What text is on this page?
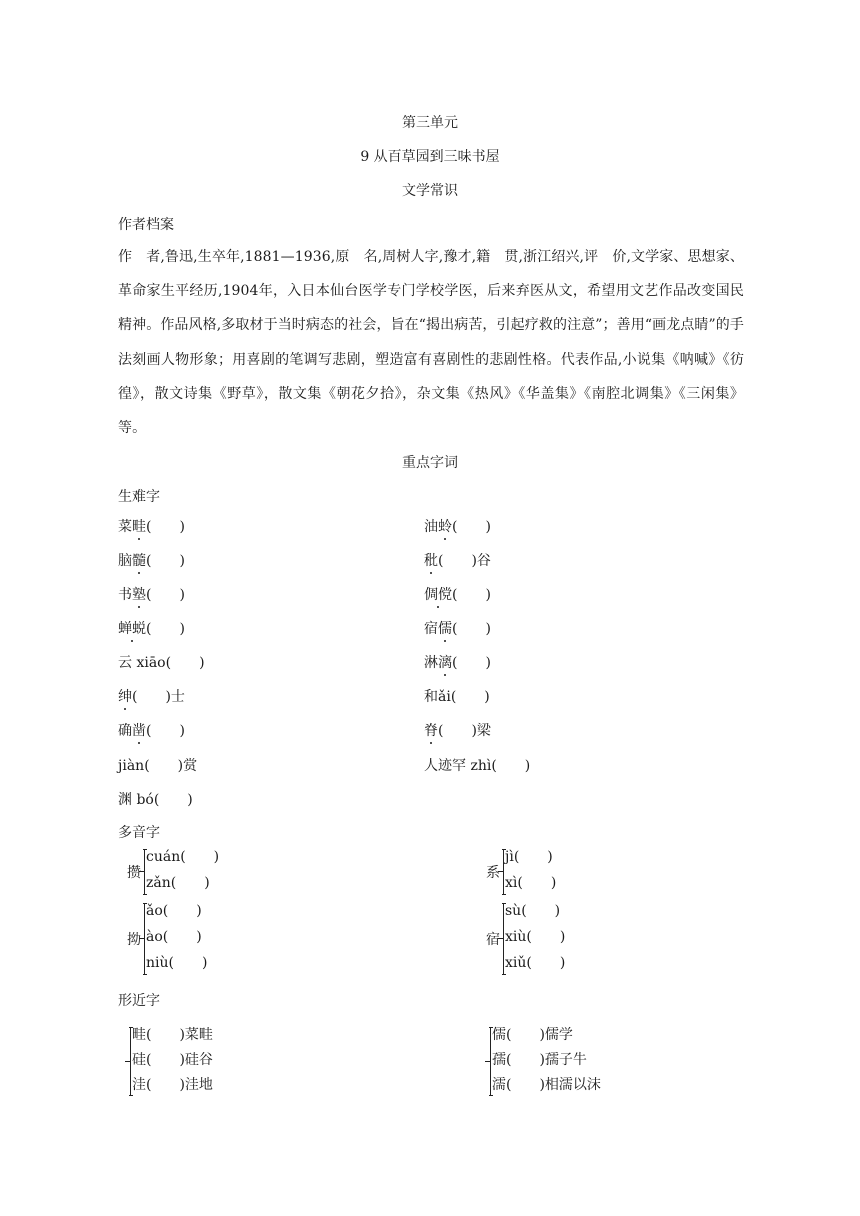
第三单元
9 从百草园到三味书屋
文学常识
作者档案

作　者,鲁迅,生卒年,1881—1936,原　名,周树人字,豫才,籍　贯,浙江绍兴,评　价,文学家、思想家、革命家生平经历,1904年，入日本仙台医学专门学校学医，后来弃医从文，希望用文艺作品改变国民精神。作品风格,多取材于当时病态的社会，旨在“揭出病苦，引起疗救的注意”；善用“画龙点睛”的手法刻画人物形象；用喜剧的笔调写悲剧，塑造富有喜剧性的悲剧性格。代表作品,小说集《呐喊》《彷徨》，散文诗集《野草》，散文集《朝花夕拾》，杂文集《热风》《华盖集》《南腔北调集》《三闲集》等。

重点字词
生难字
菜畦(　　)	油蛉(　　)
脑髓(　　)	秕(　　)谷
书塾(　　)	倜傥(　　)
蝉蜕(　　)	宿儒(　　)
云 xiāo(　　)	淋漓(　　)
绅(　　)士	和ǎi(　　)
确凿(　　)	脊(　　)梁
jiàn(　　)赏	人迹罕 zhì(　　)
渊 bó(　　)
多音字
攒
cuán(　　)
zǎn(　　)
系
jì(　　)
xì(　　)
拗
ǎo(　　)
ào(　　)
niù(　　)
宿
sù(　　)
xiù(　　)
xiǔ(　　)
形近字
畦(　　)菜畦
硅(　　)硅谷
洼(　　)洼地
儒(　　)儒学
孺(　　)孺子牛
濡(　　)相濡以沫
